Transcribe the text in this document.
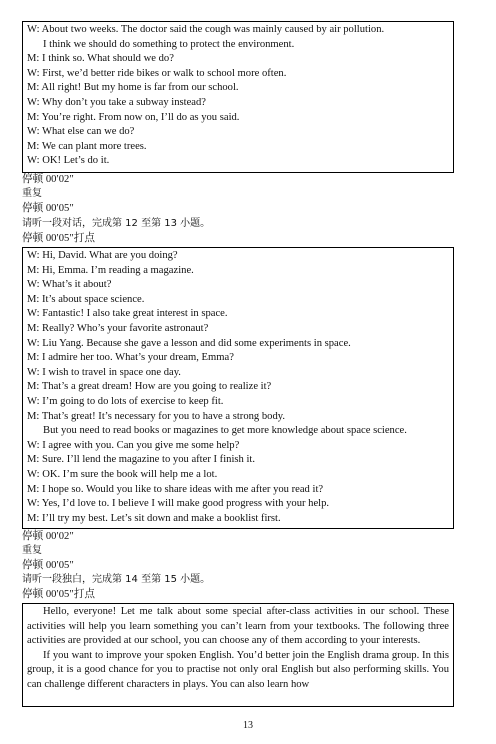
W: About two weeks. The doctor said the cough was mainly caused by air pollution.
I think we should do something to protect the environment.
M: I think so. What should we do?
W: First, we’d better ride bikes or walk to school more often.
M: All right! But my home is far from our school.
W: Why don’t you take a subway instead?
M: You’re right. From now on, I’ll do as you said.
W: What else can we do?
M: We can plant more trees.
W: OK! Let’s do it.
停顿 00′02″
重复
停顿 00′05″
请听一段对话，完成第 12 至第 13 小题。
停顿 00′05″打点
W: Hi, David. What are you doing?
M: Hi, Emma. I’m reading a magazine.
W: What’s it about?
M: It’s about space science.
W: Fantastic! I also take great interest in space.
M: Really? Who’s your favorite astronaut?
W: Liu Yang. Because she gave a lesson and did some experiments in space.
M: I admire her too. What’s your dream, Emma?
W: I wish to travel in space one day.
M: That’s a great dream! How are you going to realize it?
W: I’m going to do lots of exercise to keep fit.
M: That’s great! It’s necessary for you to have a strong body.
But you need to read books or magazines to get more knowledge about space science.
W: I agree with you. Can you give me some help?
M: Sure. I’ll lend the magazine to you after I finish it.
W: OK. I’m sure the book will help me a lot.
M: I hope so. Would you like to share ideas with me after you read it?
W: Yes, I’d love to. I believe I will make good progress with your help.
M: I’ll try my best. Let’s sit down and make a booklist first.
停顿 00′02″
重复
停顿 00′05″
请听一段独白，完成第 14 至第 15 小题。
停顿 00′05″打点

Hello, everyone! Let me talk about some special after-class activities in our school. These activities will help you learn something you can’t learn from your textbooks. The following three activities are provided at our school, you can choose any of them according to your interests.

If you want to improve your spoken English. You’d better join the English drama group. In this group, it is a good chance for you to practise not only oral English but also performing skills. You can challenge different characters in plays. You can also learn how

13
